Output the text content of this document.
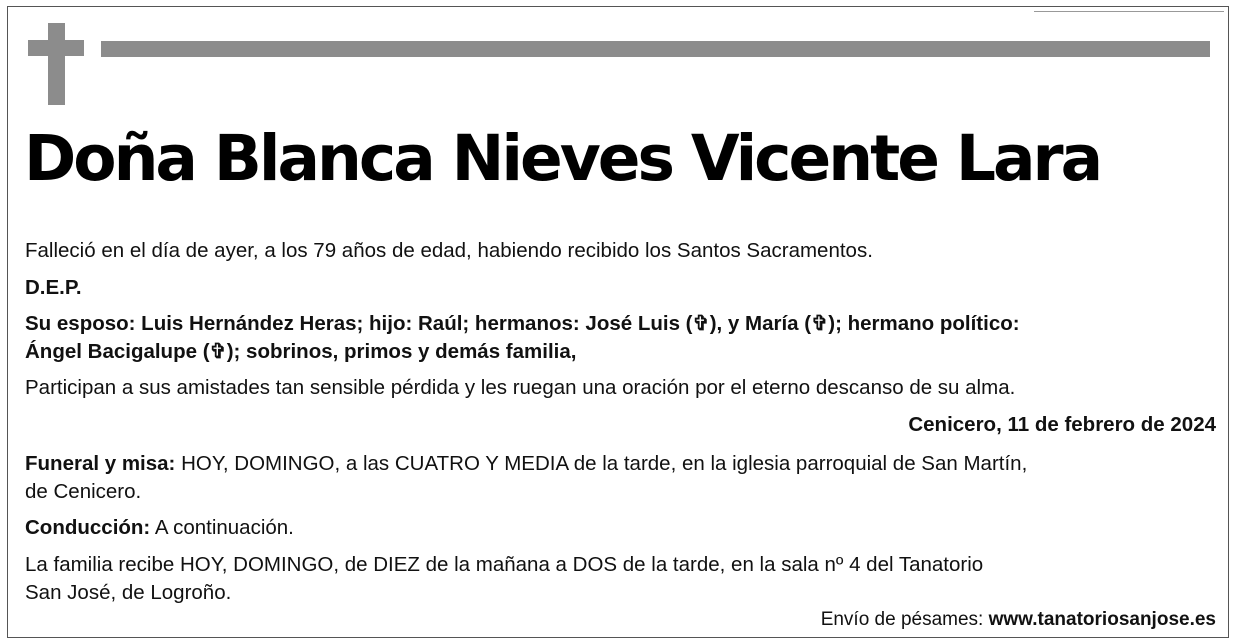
Doña Blanca Nieves Vicente Lara
Falleció en el día de ayer, a los 79 años de edad, habiendo recibido los Santos Sacramentos.
D.E.P.
Su esposo: Luis Hernández Heras; hijo: Raúl; hermanos: José Luis (✞), y María (✞); hermano político:
Ángel Bacigalupe (✞); sobrinos, primos y demás familia,
Participan a sus amistades tan sensible pérdida y les ruegan una oración por el eterno descanso de su alma.
Cenicero, 11 de febrero de 2024
Funeral y misa: HOY, DOMINGO, a las CUATRO Y MEDIA de la tarde, en la iglesia parroquial de San Martín,
de Cenicero.
Conducción: A continuación.
La familia recibe HOY, DOMINGO, de DIEZ de la mañana a DOS de la tarde, en la sala nº 4 del Tanatorio
San José, de Logroño.
Envío de pésames: www.tanatoriosanjose.es
